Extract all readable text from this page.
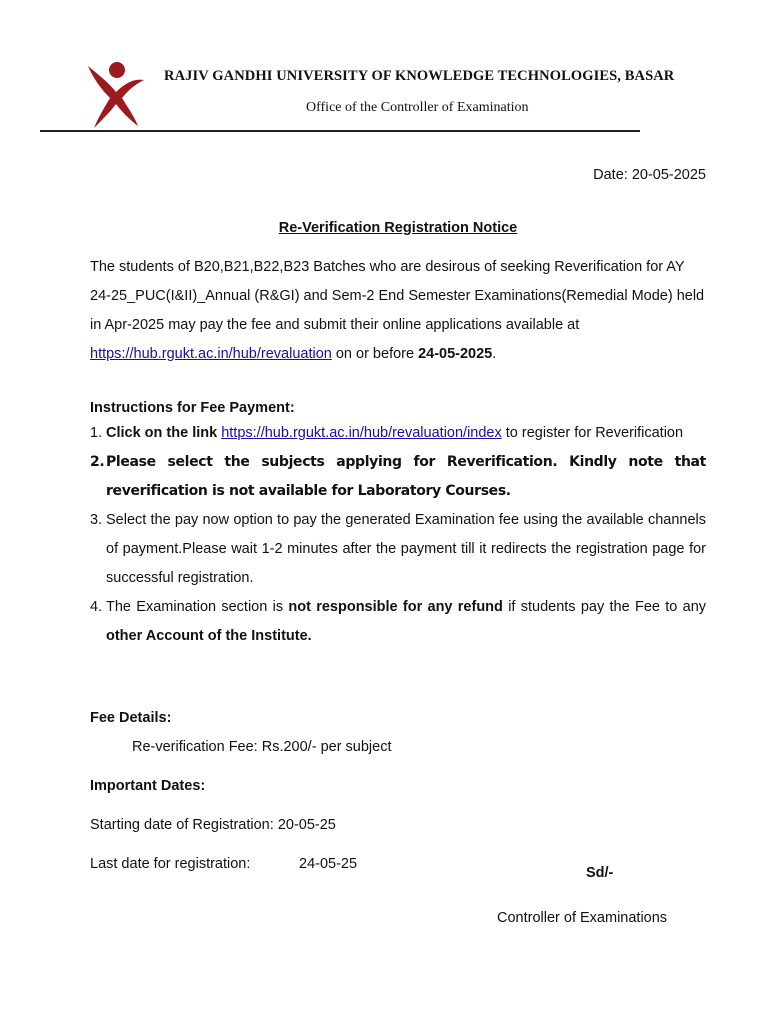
RAJIV GANDHI UNIVERSITY OF KNOWLEDGE TECHNOLOGIES, BASAR
Office of the Controller of Examination
Date: 20-05-2025
Re-Verification Registration Notice
The students of B20,B21,B22,B23 Batches who are desirous of seeking Reverification for AY 24-25_PUC(I&II)_Annual (R&GI) and Sem-2 End Semester Examinations(Remedial Mode) held in Apr-2025 may pay the fee and submit their online applications available at https://hub.rgukt.ac.in/hub/revaluation on or before 24-05-2025.
Instructions for Fee Payment:
1. Click on the link https://hub.rgukt.ac.in/hub/revaluation/index to register for Reverification
2. Please select the subjects applying for Reverification. Kindly note that reverification is not available for Laboratory Courses.
3. Select the pay now option to pay the generated Examination fee using the available channels of payment.Please wait 1-2 minutes after the payment till it redirects the registration page for successful registration.
4. The Examination section is not responsible for any refund if students pay the Fee to any other Account of the Institute.
Fee Details:
Re-verification Fee: Rs.200/- per subject
Important Dates:
Starting date of Registration: 20-05-25
Last date for registration:	24-05-25
Sd/-
Controller of Examinations
